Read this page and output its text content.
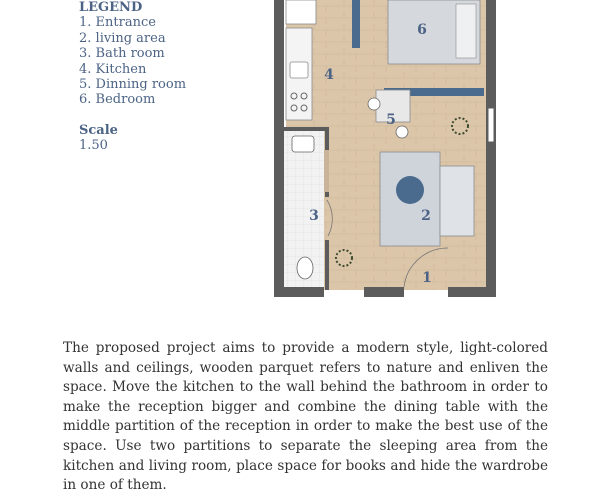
LEGEND
1. Entrance
2. living area
3. Bath room
4. Kitchen
5. Dinning room
6. Bedroom
Scale
1.50
6
4
5
2
3
1

The proposed project aims to provide a modern style, light-colored walls and ceilings, wooden parquet refers to nature and enliven the space. Move the kitchen to the wall behind the bathroom in order to make the reception bigger and combine the dining table with the middle partition of the reception in order to make the best use of the space. Use two partitions to separate the sleeping area from the kitchen and living room, place space for books and hide the wardrobe in one of them.
